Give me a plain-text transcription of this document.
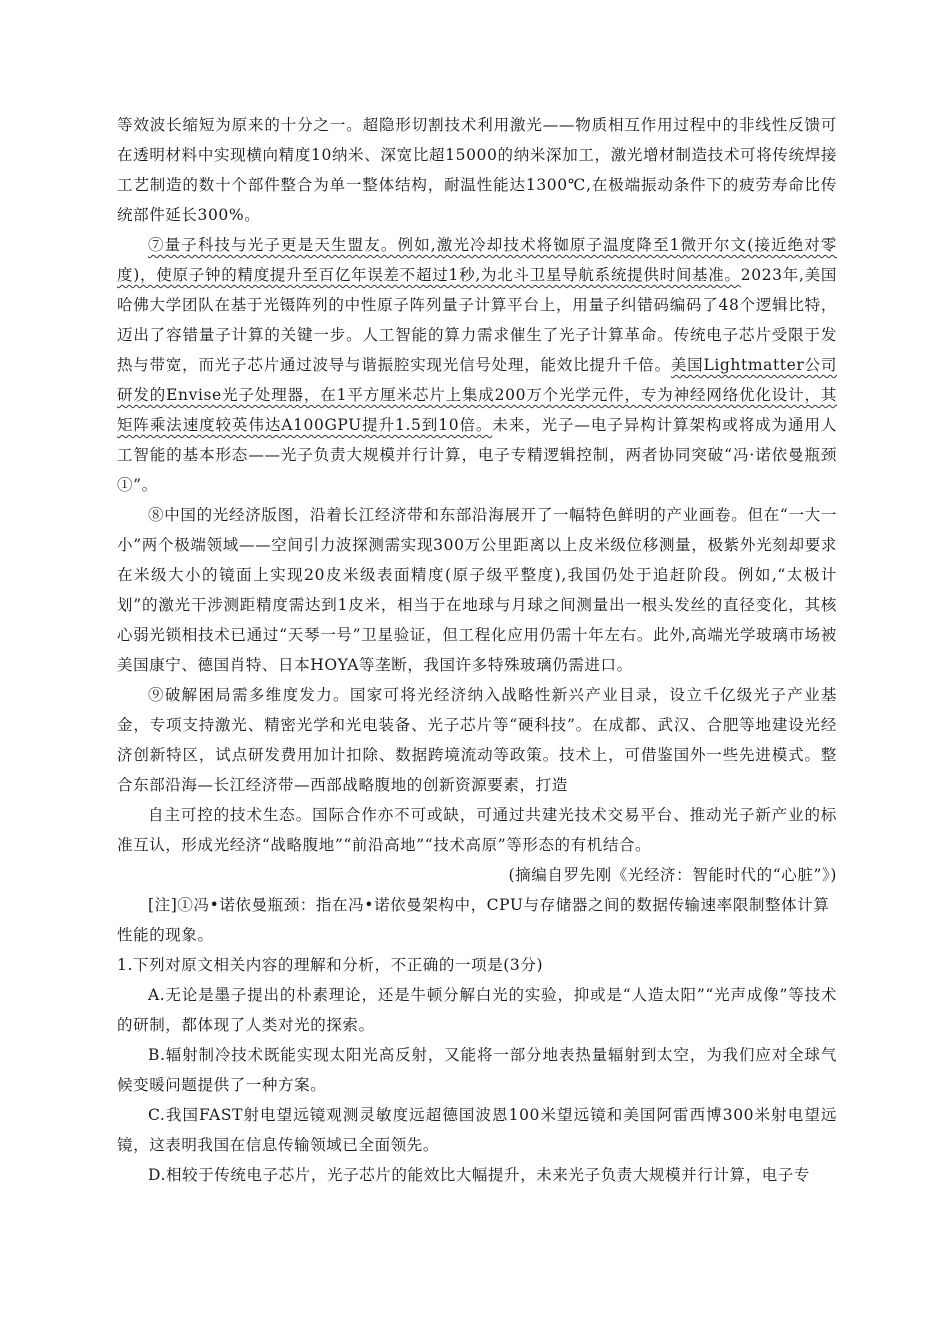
等效波长缩短为原来的十分之一。超隐形切割技术利用激光——物质相互作用过程中的非线性反馈可在透明材料中实现横向精度10纳米、深宽比超15000的纳米深加工，激光增材制造技术可将传统焊接工艺制造的数十个部件整合为单一整体结构，耐温性能达1300℃,在极端振动条件下的疲劳寿命比传统部件延长300%。

⑦量子科技与光子更是天生盟友。例如,激光冷却技术将铷原子温度降至1微开尔文(接近绝对零度)，使原子钟的精度提升至百亿年误差不超过1秒,为北斗卫星导航系统提供时间基准。2023年,美国哈佛大学团队在基于光镊阵列的中性原子阵列量子计算平台上，用量子纠错码编码了48个逻辑比特，迈出了容错量子计算的关键一步。人工智能的算力需求催生了光子计算革命。传统电子芯片受限于发热与带宽，而光子芯片通过波导与谐振腔实现光信号处理，能效比提升千倍。美国Lightmatter公司研发的Envise光子处理器，在1平方厘米芯片上集成200万个光学元件，专为神经网络优化设计，其矩阵乘法速度较英伟达A100GPU提升1.5到10倍。未来，光子—电子异构计算架构或将成为通用人工智能的基本形态——光子负责大规模并行计算，电子专精逻辑控制，两者协同突破“冯·诺依曼瓶颈①”。

⑧中国的光经济版图，沿着长江经济带和东部沿海展开了一幅特色鲜明的产业画卷。但在“一大一小”两个极端领域——空间引力波探测需实现300万公里距离以上皮米级位移测量，极紫外光刻却要求在米级大小的镜面上实现20皮米级表面精度(原子级平整度),我国仍处于追赶阶段。例如,“太极计划”的激光干涉测距精度需达到1皮米，相当于在地球与月球之间测量出一根头发丝的直径变化，其核心弱光锁相技术已通过“天琴一号”卫星验证，但工程化应用仍需十年左右。此外,高端光学玻璃市场被美国康宁、德国肖特、日本HOYA等垄断，我国许多特殊玻璃仍需进口。

⑨破解困局需多维度发力。国家可将光经济纳入战略性新兴产业目录，设立千亿级光子产业基金，专项支持激光、精密光学和光电装备、光子芯片等“硬科技”。在成都、武汉、合肥等地建设光经济创新特区，试点研发费用加计扣除、数据跨境流动等政策。技术上，可借鉴国外一些先进模式。整合东部沿海—长江经济带—西部战略腹地的创新资源要素，打造

自主可控的技术生态。国际合作亦不可或缺，可通过共建光技术交易平台、推动光子新产业的标准互认，形成光经济“战略腹地”“前沿高地”“技术高原”等形态的有机结合。

(摘编自罗先刚《光经济：智能时代的“心脏”》)

[注]①冯•诺依曼瓶颈：指在冯•诺依曼架构中，CPU与存储器之间的数据传输速率限制整体计算性能的现象。

1.下列对原文相关内容的理解和分析，不正确的一项是(3分)

A.无论是墨子提出的朴素理论，还是牛顿分解白光的实验，抑或是“人造太阳”“光声成像”等技术的研制，都体现了人类对光的探索。

B.辐射制冷技术既能实现太阳光高反射，又能将一部分地表热量辐射到太空，为我们应对全球气候变暖问题提供了一种方案。

C.我国FAST射电望远镜观测灵敏度远超德国波恩100米望远镜和美国阿雷西博300米射电望远镜，这表明我国在信息传输领域已全面领先。

D.相较于传统电子芯片，光子芯片的能效比大幅提升，未来光子负责大规模并行计算，电子专
